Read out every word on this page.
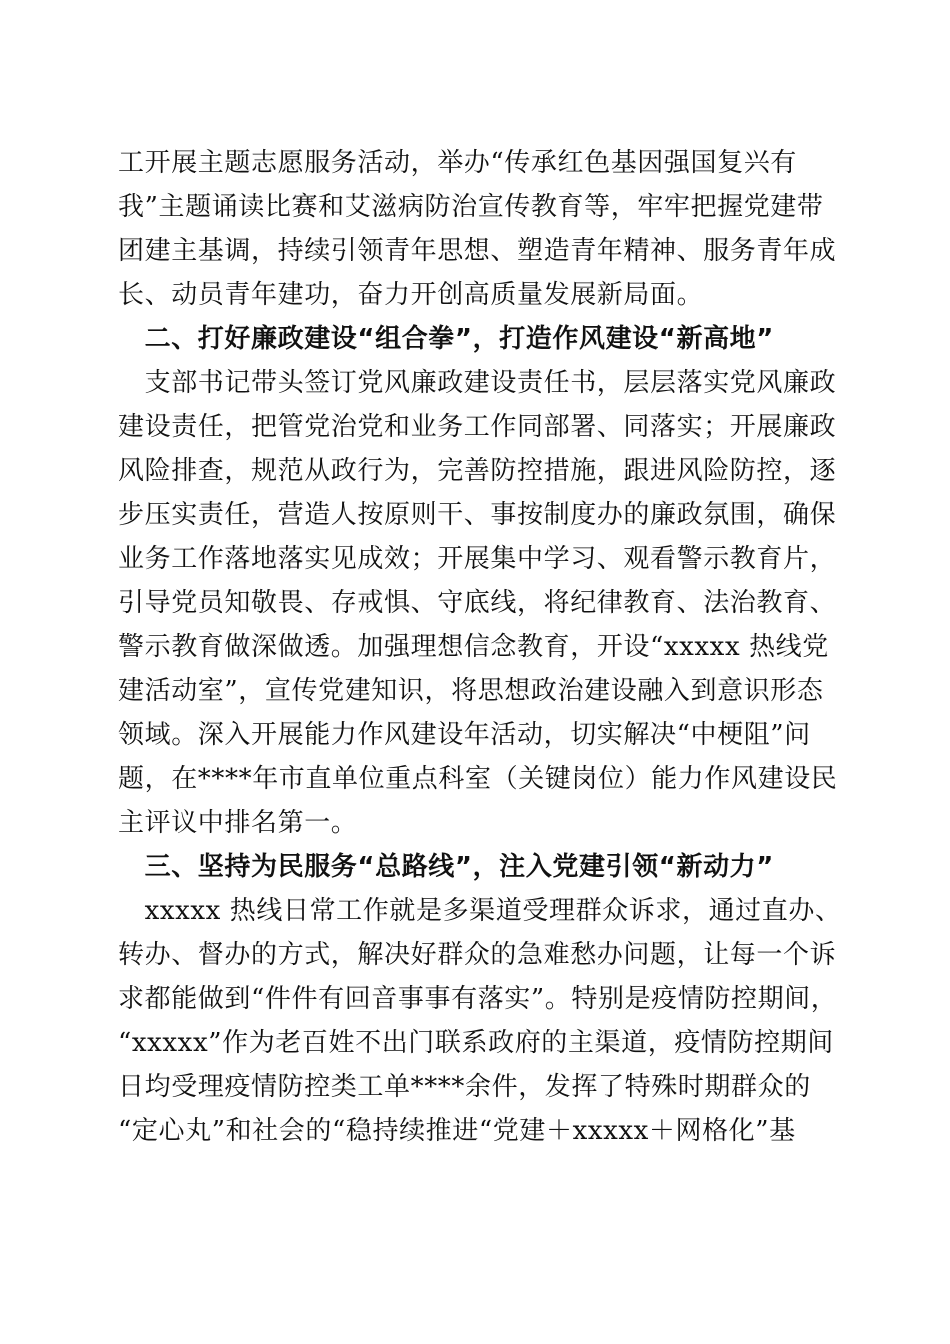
工开展主题志愿服务活动，举办“传承红色基因强国复兴有
我”主题诵读比赛和艾滋病防治宣传教育等，牢牢把握党建带
团建主基调，持续引领青年思想、塑造青年精神、服务青年成
长、动员青年建功，奋力开创高质量发展新局面。
　二、打好廉政建设“组合拳”，打造作风建设“新高地”
　支部书记带头签订党风廉政建设责任书，层层落实党风廉政
建设责任，把管党治党和业务工作同部署、同落实；开展廉政
风险排查，规范从政行为，完善防控措施，跟进风险防控，逐
步压实责任，营造人按原则干、事按制度办的廉政氛围，确保
业务工作落地落实见成效；开展集中学习、观看警示教育片，
引导党员知敬畏、存戒惧、守底线，将纪律教育、法治教育、
警示教育做深做透。加强理想信念教育，开设“xxxxx 热线党
建活动室”，宣传党建知识，将思想政治建设融入到意识形态
领域。深入开展能力作风建设年活动，切实解决“中梗阻”问
题，在****年市直单位重点科室（关键岗位）能力作风建设民
主评议中排名第一。
　三、坚持为民服务“总路线”，注入党建引领“新动力”
　xxxxx 热线日常工作就是多渠道受理群众诉求，通过直办、
转办、督办的方式，解决好群众的急难愁办问题，让每一个诉
求都能做到“件件有回音事事有落实”。特别是疫情防控期间，
“xxxxx”作为老百姓不出门联系政府的主渠道，疫情防控期间
日均受理疫情防控类工单****余件，发挥了特殊时期群众的
“定心丸”和社会的“稳持续推进“党建＋xxxxx＋网格化”基
